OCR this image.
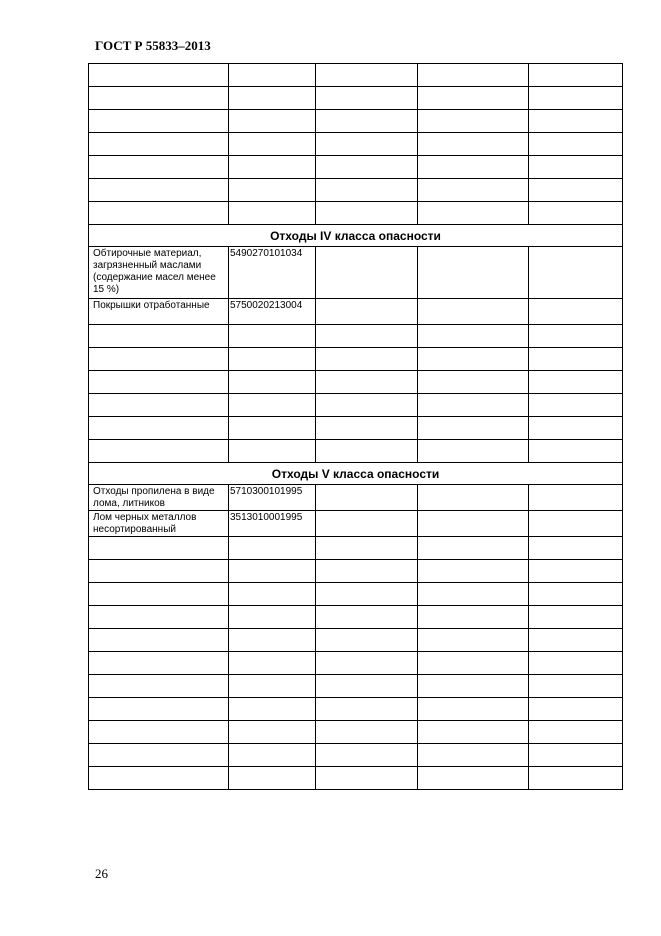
ГОСТ Р 55833–2013

Отходы IV класса опасности				
Обтирочные материал, загрязненный маслами (содержание масел менее 15 %)	5490270101034			
Покрышки отработанные	5750020213004			

Отходы V класса опасности				
Отходы пропилена в виде лома, литников	5710300101995			
Лом черных металлов несортированный	3513010001995			

26
